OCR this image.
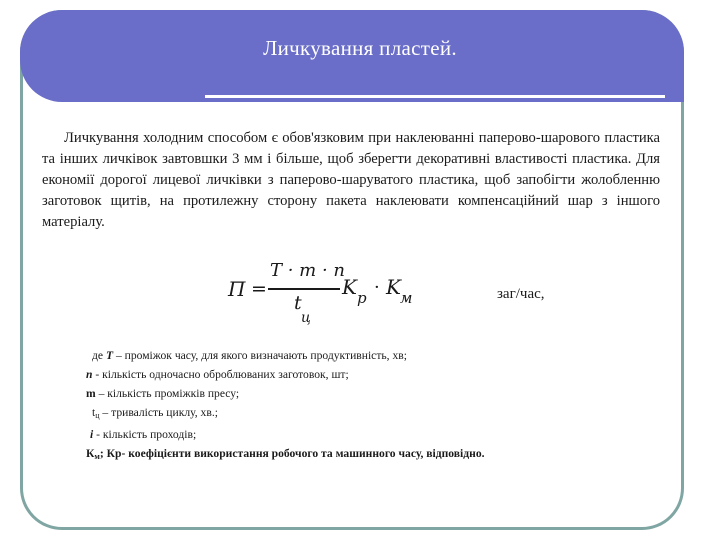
Личкування пластей.

Личкування холодним способом є обов'язковим при наклеюванні паперово-шарового пластика та інших личківок завтовшки 3 мм і більше, щоб зберегти декоративні властивості пластика. Для економії дорогої лицевої личківки з паперово-шаруватого пластика, щоб запобігти жолобленню заготовок щитів, на протилежну сторону пакета наклеювати компенсаційний шар з іншого матеріалу.

П =
T · m · n
t
ц
K p · K м	заг/час,
де T – проміжок часу, для якого визначають продуктивність, хв;
n - кількість одночасно оброблюваних заготовок, шт;
m – кількість проміжків пресу;
$t_ц$ – тривалість циклу, хв.;
i - кількість проходів;
$К_м$; Кр- коефіцієнти використання робочого та машинного часу, відповідно.
